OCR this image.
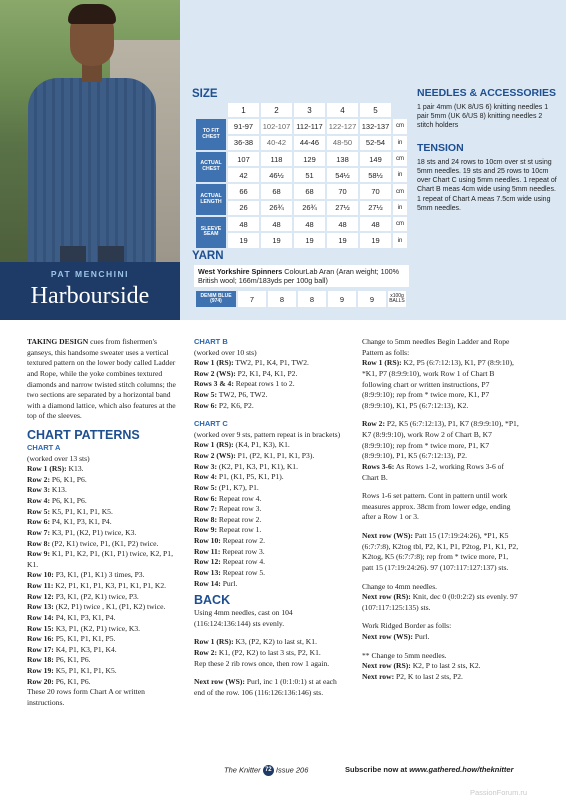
PAT MENCHINI
Harbourside
SIZE
	1	2	3	4	5	
TO FIT CHEST	91-97	102-107	112-117	122-127	132-137	cm
	36-38	40-42	44-46	48-50	52-54	in
ACTUAL CHEST	107	118	129	138	149	cm
	42	46½	51	54½	58½	in
ACTUAL LENGTH	66	68	68	70	70	cm
	26	26¾	26¾	27½	27½	in
SLEEVE SEAM	48	48	48	48	48	cm
	19	19	19	19	19	in
YARN
West Yorkshire Spinners ColourLab Aran (Aran weight; 100% British wool; 166m/183yds per 100g ball)
DENIM BLUE (974)	7	8	8	9	9	x100g BALLS
NEEDLES & ACCESSORIES

1 pair 4mm (UK 8/US 6) knitting needles 1 pair 5mm (UK 6/US 8) knitting needles 2 stitch holders

TENSION

18 sts and 24 rows to 10cm over st st using 5mm needles. 19 sts and 25 rows to 10cm over Chart C using 5mm needles. 1 repeat of Chart B meas 4cm wide using 5mm needles. 1 repeat of Chart A meas 7.5cm wide using 5mm needles.

TAKING DESIGN cues from fishermen's ganseys, this handsome sweater uses a vertical textured pattern on the lower body called Ladder and Rope, while the yoke combines textured diamonds and narrow twisted stitch columns; the two sections are separated by a horizontal band with a diamond lattice, which also features at the top of the sleeves.

CHART PATTERNS
CHART A

(worked over 13 sts)

Row 1 (RS): K13.

Row 2: P6, K1, P6.

Row 3: K13.

Row 4: P6, K1, P6.

Row 5: K5, P1, K1, P1, K5.

Row 6: P4, K1, P3, K1, P4.

Row 7: K3, P1, (K2, P1) twice, K3.

Row 8: (P2, K1) twice, P1, (K1, P2) twice.

Row 9: K1, P1, K2, P1, (K1, P1) twice, K2, P1, K1.

Row 10: P3, K1, (P1, K1) 3 times, P3.

Row 11: K2, P1, K1, P1, K3, P1, K1, P1, K2.

Row 12: P3, K1, (P2, K1) twice, P3.

Row 13: (K2, P1) twice , K1, (P1, K2) twice.

Row 14: P4, K1, P3, K1, P4.

Row 15: K3, P1, (K2, P1) twice, K3.

Row 16: P5, K1, P1, K1, P5.

Row 17: K4, P1, K3, P1, K4.

Row 18: P6, K1, P6.

Row 19: K5, P1, K1, P1, K5.

Row 20: P6, K1, P6.

These 20 rows form Chart A or written instructions.

CHART B

(worked over 10 sts)

Row 1 (RS): TW2, P1, K4, P1, TW2.

Row 2 (WS): P2, K1, P4, K1, P2.

Rows 3 & 4: Repeat rows 1 to 2.

Row 5: TW2, P6, TW2.

Row 6: P2, K6, P2.

CHART C

(worked over 9 sts, pattern repeat is in brackets)

Row 1 (RS): (K4, P1, K3), K1.

Row 2 (WS): P1, (P2, K1, P1, K1, P3).

Row 3: (K2, P1, K3, P1, K1), K1.

Row 4: P1, (K1, P5, K1, P1).

Row 5: (P1, K7), P1.

Row 6: Repeat row 4.

Row 7: Repeat row 3.

Row 8: Repeat row 2.

Row 9: Repeat row 1.

Row 10: Repeat row 2.

Row 11: Repeat row 3.

Row 12: Repeat row 4.

Row 13: Repeat row 5.

Row 14: Purl.

BACK

Using 4mm needles, cast on 104 (116:124:136:144) sts evenly.

Row 1 (RS): K3, (P2, K2) to last st, K1.

Row 2: K1, (P2, K2) to last 3 sts, P2, K1.

Rep these 2 rib rows once, then row 1 again.

Next row (WS): Purl, inc 1 (0:1:0:1) st at each end of the row. 106 (116:126:136:146) sts.

Change to 5mm needles Begin Ladder and Rope Pattern as folls:

Row 1 (RS): K2, P5 (6:7:12:13), K1, P7 (8:9:10), *K1, P7 (8:9:9:10), work Row 1 of Chart B following chart or written instructions, P7 (8:9:9:10); rep from * twice more, K1, P7 (8:9:9:10), K1, P5 (6:7:12:13), K2.

Row 2: P2, K5 (6:7:12:13), P1, K7 (8:9:9:10), *P1, K7 (8:9:9:10), work Row 2 of Chart B, K7 (8:9:9:10); rep from * twice more, P1, K7 (8:9:9:10), P1, K5 (6:7:12:13), P2.

Rows 3-6: As Rows 1-2, working Rows 3-6 of Chart B.

Rows 1-6 set pattern. Cont in pattern until work measures approx. 38cm from lower edge, ending after a Row 1 or 3.

Next row (WS): Patt 15 (17:19:24:26), *P1, K5 (6:7:7:8), K2tog tbl, P2, K1, P1, P2tog, P1, K1, P2, K2tog, K5 (6:7:7:8); rep from * twice more, P1, patt 15 (17:19:24:26). 97 (107:117:127:137) sts.

Change to 4mm needles.

Next row (RS): Knit, dec 0 (0:0:2:2) sts evenly. 97 (107:117:125:135) sts.

Work Ridged Border as folls:

Next row (WS): Purl.

** Change to 5mm needles.

Next row (RS): K2, P to last 2 sts, K2.

Next row: P2, K to last 2 sts, P2.

The Knitter 72 Issue 206	Subscribe now at www.gathered.how/theknitter
PassionForum.ru
